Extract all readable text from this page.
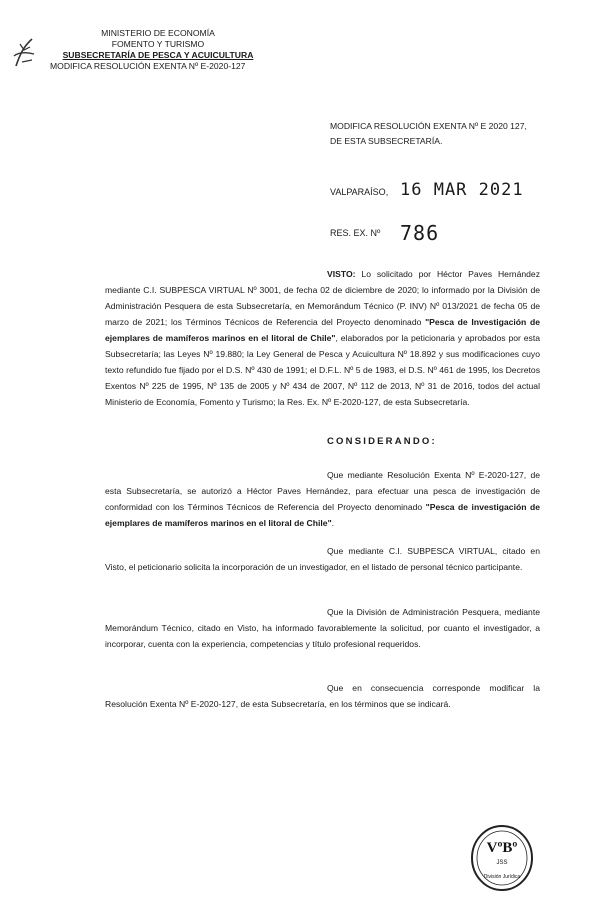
MINISTERIO DE ECONOMÍA
FOMENTO Y TURISMO
SUBSECRETARÍA DE PESCA Y ACUICULTURA
MODIFICA RESOLUCIÓN EXENTA Nº E-2020-127
MODIFICA RESOLUCIÓN EXENTA Nº E 2020 127,
DE ESTA SUBSECRETARÍA.
VALPARAÍSO, 16 MAR 2021
RES. EX. Nº 786
VISTO: Lo solicitado por Héctor Paves Hernández mediante C.I. SUBPESCA VIRTUAL Nº 3001, de fecha 02 de diciembre de 2020; lo informado por la División de Administración Pesquera de esta Subsecretaría, en Memorándum Técnico (P. INV) Nº 013/2021 de fecha 05 de marzo de 2021; los Términos Técnicos de Referencia del Proyecto denominado "Pesca de Investigación de ejemplares de mamíferos marinos en el litoral de Chile", elaborados por la peticionaria y aprobados por esta Subsecretaría; las Leyes Nº 19.880; la Ley General de Pesca y Acuicultura Nº 18.892 y sus modificaciones cuyo texto refundido fue fijado por el D.S. Nº 430 de 1991; el D.F.L. Nº 5 de 1983, el D.S. Nº 461 de 1995, los Decretos Exentos Nº 225 de 1995, Nº 135 de 2005 y Nº 434 de 2007, Nº 112 de 2013, Nº 31 de 2016, todos del actual Ministerio de Economía, Fomento y Turismo; la Res. Ex. Nº E-2020-127, de esta Subsecretaría.
CONSIDERANDO:
Que mediante Resolución Exenta Nº E-2020-127, de esta Subsecretaría, se autorizó a Héctor Paves Hernández, para efectuar una pesca de investigación de conformidad con los Términos Técnicos de Referencia del Proyecto denominado "Pesca de investigación de ejemplares de mamíferos marinos en el litoral de Chile".
Que mediante C.I. SUBPESCA VIRTUAL, citado en Visto, el peticionario solicita la incorporación de un investigador, en el listado de personal técnico participante.
Que la División de Administración Pesquera, mediante Memorándum Técnico, citado en Visto, ha informado favorablemente la solicitud, por cuanto el investigador, a incorporar, cuenta con la experiencia, competencias y título profesional requeridos.
Que en consecuencia corresponde modificar la Resolución Exenta Nº E-2020-127, de esta Subsecretaría, en los términos que se indicará.
VºBº
JSS
División Jurídica
